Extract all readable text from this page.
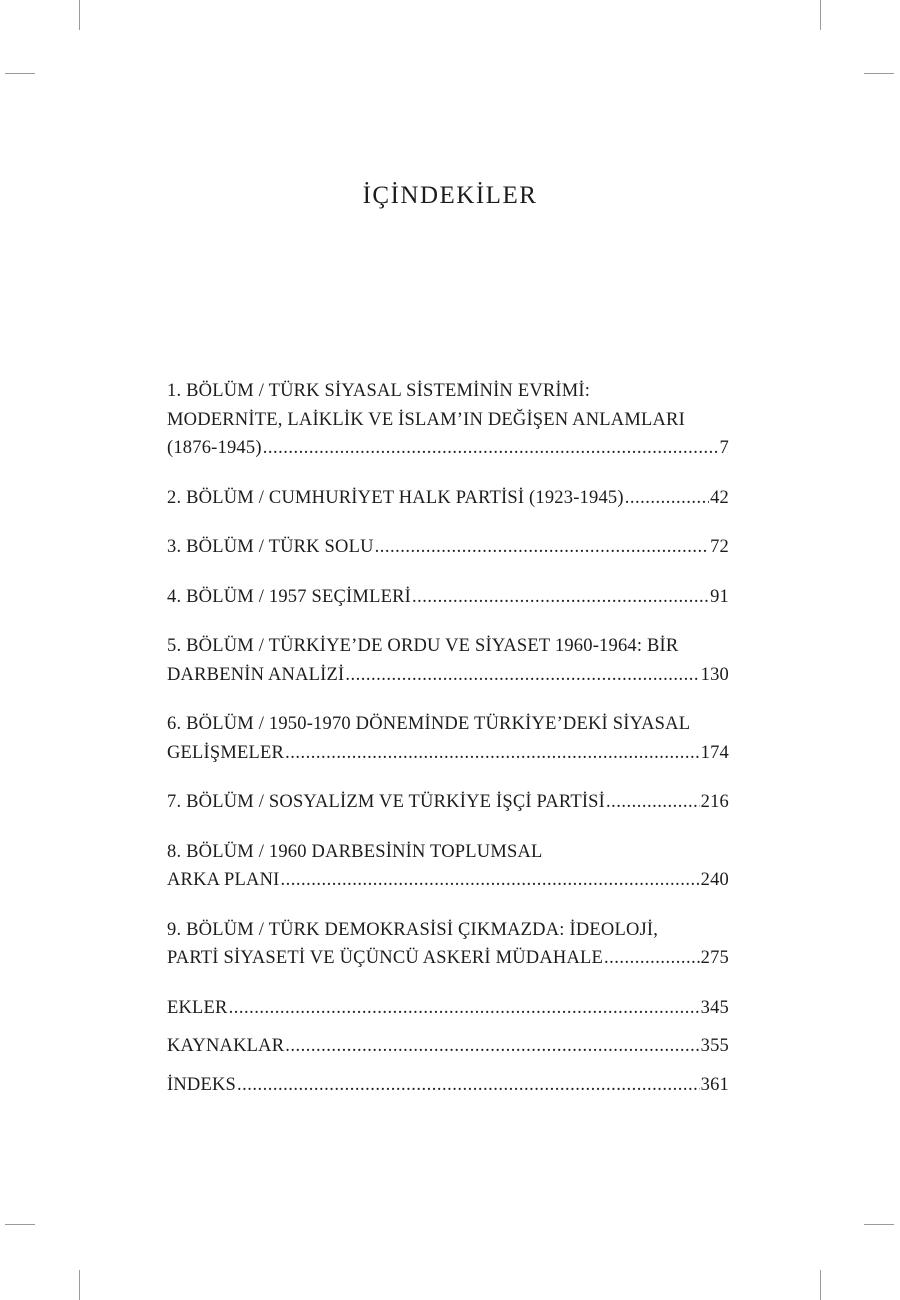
İÇİNDEKİLER
1. BÖLÜM / TÜRK SİYASAL SİSTEMİNİN EVRİMİ:
MODERNİTE, LAİKLİK VE İSLAM’IN DEĞİŞEN ANLAMLARI
(1876-1945) .....	7
2. BÖLÜM / CUMHURİYET HALK PARTİSİ (1923-1945) .....	42
3. BÖLÜM / TÜRK SOLU .....	72
4. BÖLÜM / 1957 SEÇİMLERİ .....	91
5. BÖLÜM / TÜRKİYE’DE ORDU VE SİYASET 1960-1964: BİR
DARBENİN ANALİZİ .....	130
6. BÖLÜM / 1950-1970 DÖNEMİNDE TÜRKİYE’DEKİ SİYASAL
GELİŞMELER .....	174
7. BÖLÜM / SOSYALİZM VE TÜRKİYE İŞÇİ PARTİSİ .....	216
8. BÖLÜM / 1960 DARBESİNİN TOPLUMSAL
ARKA PLANI .....	240
9. BÖLÜM / TÜRK DEMOKRASİSİ ÇIKMAZDA: İDEOLOJİ,
PARTİ SİYASETİ VE ÜÇÜNCÜ ASKERİ MÜDAHALE .....	275
EKLER .....	345
KAYNAKLAR .....	355
İNDEKS .....	361
